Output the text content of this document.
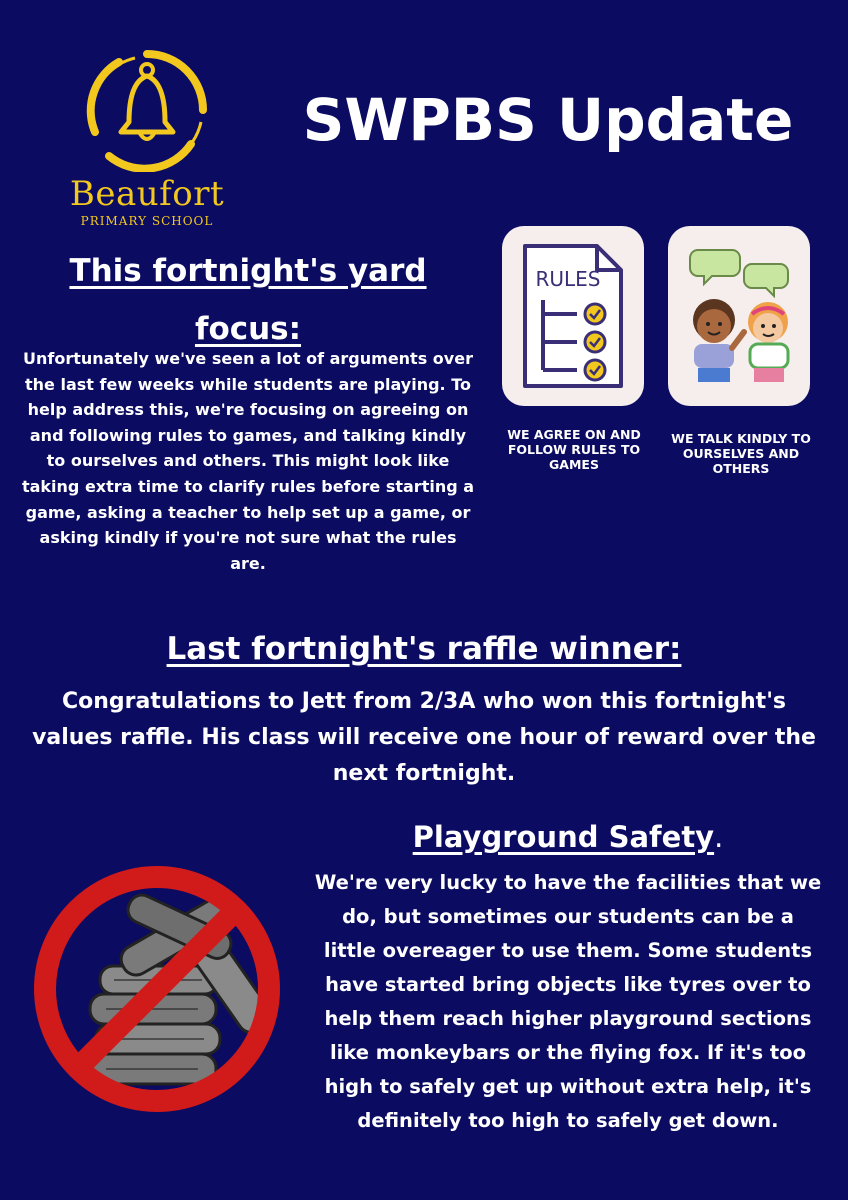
Beaufort
PRIMARY SCHOOL
SWPBS Update
This fortnight's yard focus:
Unfortunately we've seen a lot of arguments over the last few weeks while students are playing. To help address this, we're focusing on agreeing on and following rules to games, and talking kindly to ourselves and others. This might look like taking extra time to clarify rules before starting a game, asking a teacher to help set up a game, or asking kindly if you're not sure what the rules are.
RULES
WE AGREE ON AND FOLLOW RULES TO GAMES
WE TALK KINDLY TO OURSELVES AND OTHERS
Last fortnight's raffle winner:
Congratulations to Jett from 2/3A who won this fortnight's values raffle. His class will receive one hour of reward over the next fortnight.
Playground Safety.
We're very lucky to have the facilities that we do, but sometimes our students can be a little overeager to use them. Some students have started bring objects like tyres over to help them reach higher playground sections like monkeybars or the flying fox. If it's too high to safely get up without extra help, it's definitely too high to safely get down.
